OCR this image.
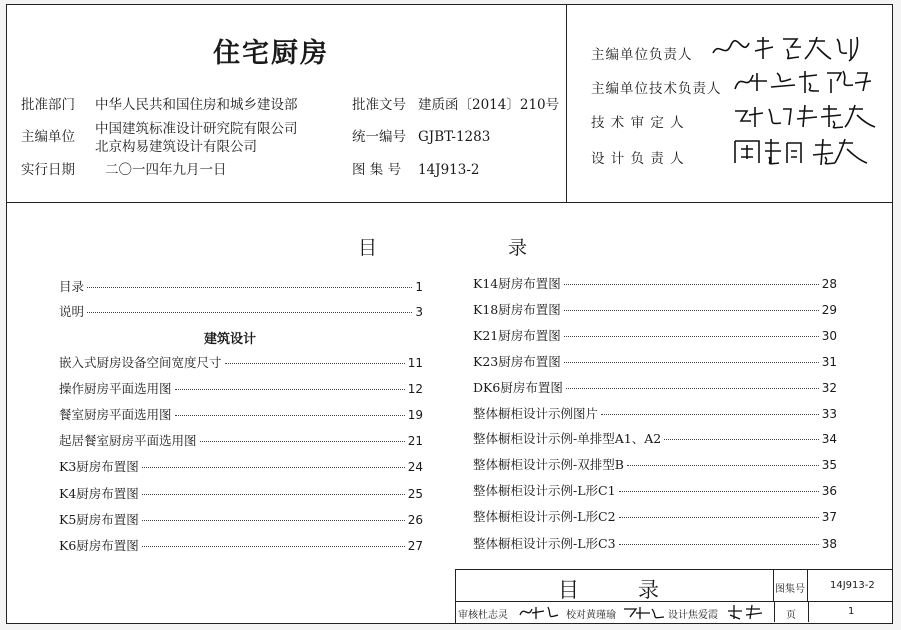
住宅厨房
批准部门 中华人民共和国住房和城乡建设部
主编单位 中国建筑标准设计研究院有限公司
北京构易建筑设计有限公司
实行日期 二〇一四年九月一日
批准文号 建质函〔2014〕210号
统一编号 GJBT-1283
图 集 号 14J913-2
主编单位负责人
主编单位技术负责人
技 术 审 定 人
设 计 负 责 人
目	录
目录	1
说明	3
嵌入式厨房设备空间宽度尺寸	11
操作厨房平面选用图	12
餐室厨房平面选用图	19
起居餐室厨房平面选用图	21
K3厨房布置图	24
K4厨房布置图	25
K5厨房布置图	26
K6厨房布置图	27
建筑设计
K14厨房布置图	28
K18厨房布置图	29
K21厨房布置图	30
K23厨房布置图	31
DK6厨房布置图	32
整体橱柜设计示例图片	33
整体橱柜设计示例-单排型A1、A2	34
整体橱柜设计示例-双排型B	35
整体橱柜设计示例-L形C1	36
整体橱柜设计示例-L形C2	37
整体橱柜设计示例-L形C3	38
目	录	图集号	14J913-2
审核 杜志灵	校对 黄瑾瑜	设计 焦爱霞	页	1
